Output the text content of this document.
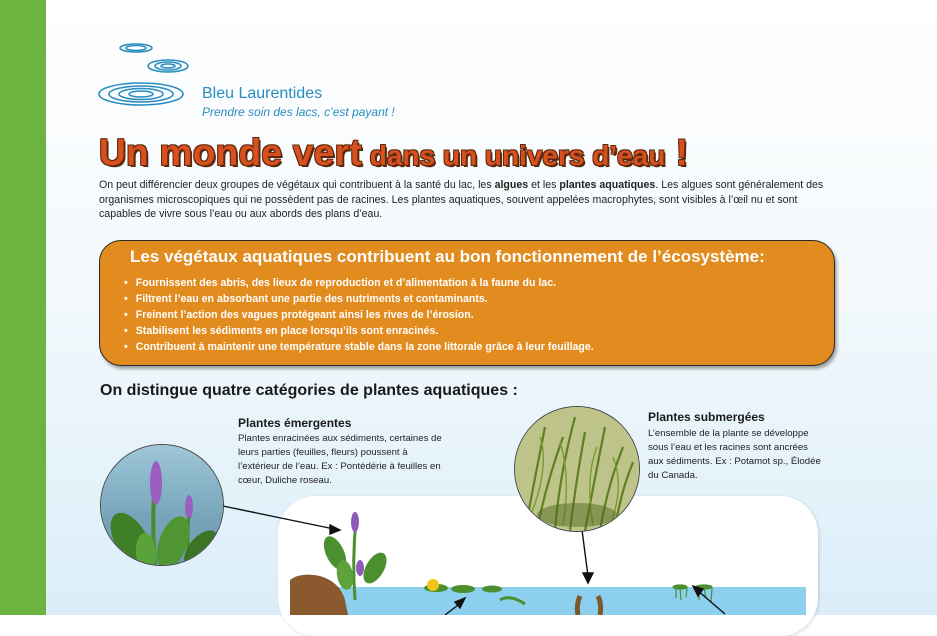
Bleu Laurentides
Prendre soin des lacs, c’est payant !
Un monde vert dans un univers d’eau !
On peut différencier deux groupes de végétaux qui contribuent à la santé du lac, les algues et les plantes aquatiques. Les algues sont généralement des organismes microscopiques qui ne possèdent pas de racines. Les plantes aquatiques, souvent appelées macrophytes, sont visibles à l’œil nu et sont capables de vivre sous l’eau ou aux abords des plans d’eau.
Les végétaux aquatiques contribuent au bon fonctionnement de l’écosystème:
• Fournissent des abris, des lieux de reproduction et d’alimentation à la faune du lac.
• Filtrent l’eau en absorbant une partie des nutriments et contaminants.
• Freinent l’action des vagues protégeant ainsi les rives de l’érosion.
• Stabilisent les sédiments en place lorsqu’ils sont enracinés.
• Contribuent à maintenir une température stable dans la zone littorale grâce à leur feuillage.
On distingue quatre catégories de plantes aquatiques :
Plantes émergentes
Plantes enracinées aux sédiments, certaines de leurs parties (feuilles, fleurs) poussent à l’extérieur de l’eau. Ex : Pontédérie à feuilles en cœur, Duliche roseau.
Plantes submergées
L’ensemble de la plante se développe sous l’eau et les racines sont ancrées aux sédiments. Ex : Potamot sp., Élodée du Canada.
